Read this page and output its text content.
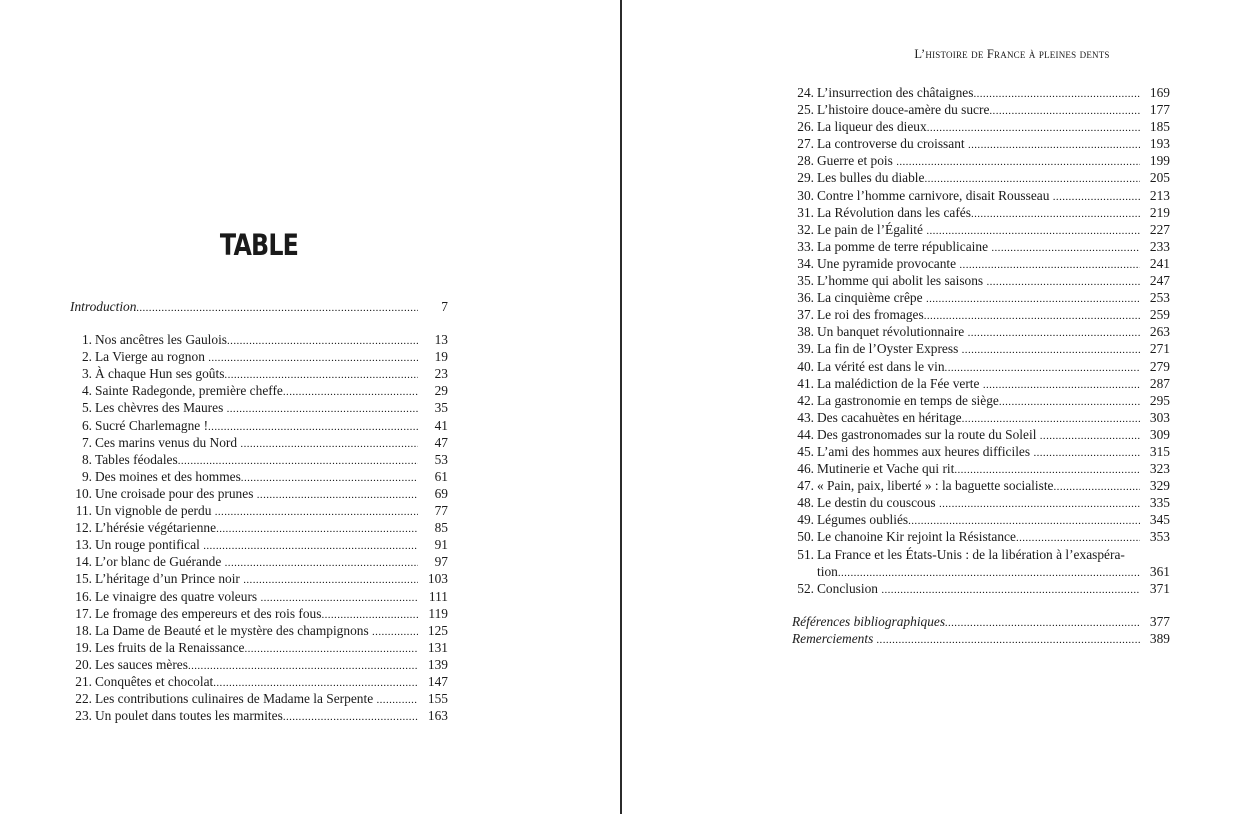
TABLE
Introduction .....	7
1. Nos ancêtres les Gaulois .....	13
2. La Vierge au rognon .....	19
3. À chaque Hun ses goûts .....	23
4. Sainte Radegonde, première cheffe .....	29
5. Les chèvres des Maures .....	35
6. Sucré Charlemagne ! .....	41
7. Ces marins venus du Nord .....	47
8. Tables féodales .....	53
9. Des moines et des hommes .....	61
10. Une croisade pour des prunes .....	69
11. Un vignoble de perdu .....	77
12. L’hérésie végétarienne .....	85
13. Un rouge pontifical .....	91
14. L’or blanc de Guérande .....	97
15. L’héritage d’un Prince noir .....	103
16. Le vinaigre des quatre voleurs .....	111
17. Le fromage des empereurs et des rois fous .....	119
18. La Dame de Beauté et le mystère des champignons .....	125
19. Les fruits de la Renaissance .....	131
20. Les sauces mères .....	139
21. Conquêtes et chocolat .....	147
22. Les contributions culinaires de Madame la Serpente .....	155
23. Un poulet dans toutes les marmites .....	163
L’histoire de France à pleines dents
24. L’insurrection des châtaignes .....	169
25. L’histoire douce-amère du sucre .....	177
26. La liqueur des dieux .....	185
27. La controverse du croissant .....	193
28. Guerre et pois .....	199
29. Les bulles du diable .....	205
30. Contre l’homme carnivore, disait Rousseau .....	213
31. La Révolution dans les cafés .....	219
32. Le pain de l’Égalité .....	227
33. La pomme de terre républicaine .....	233
34. Une pyramide provocante .....	241
35. L’homme qui abolit les saisons .....	247
36. La cinquième crêpe .....	253
37. Le roi des fromages .....	259
38. Un banquet révolutionnaire .....	263
39. La fin de l’Oyster Express .....	271
40. La vérité est dans le vin .....	279
41. La malédiction de la Fée verte .....	287
42. La gastronomie en temps de siège .....	295
43. Des cacahuètes en héritage .....	303
44. Des gastronomades sur la route du Soleil .....	309
45. L’ami des hommes aux heures difficiles .....	315
46. Mutinerie et Vache qui rit .....	323
47. « Pain, paix, liberté » : la baguette socialiste .....	329
48. Le destin du couscous .....	335
49. Légumes oubliés .....	345
50. Le chanoine Kir rejoint la Résistance .....	353
51. La France et les États-Unis : de la libération à l’exaspéra-
tion .....	361
52. Conclusion .....	371
Références bibliographiques .....	377
Remerciements .....	389
